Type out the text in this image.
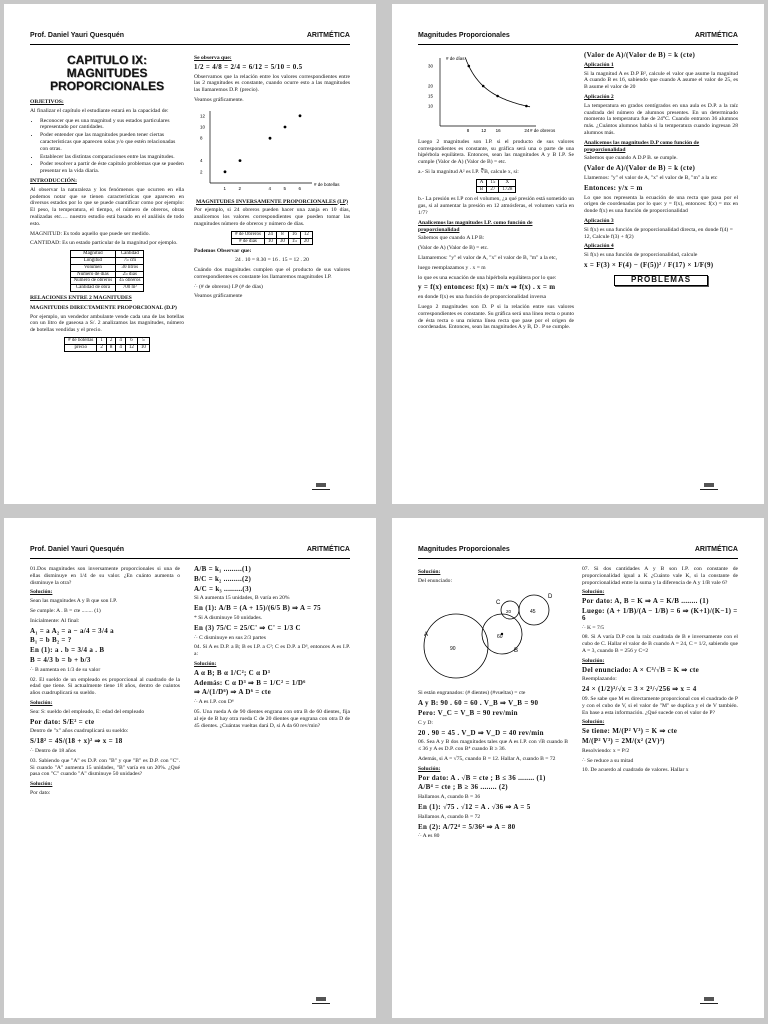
Prof. Daniel Yauri Quesquén	ARITMÉTICA
CAPITULO IX:
MAGNITUDES
PROPORCIONALES

OBJETIVOS:

Al finalizar el capítulo el estudiante estará en la capacidad de:

• Reconocer que es una magnitud y sus estados particulares representado por cantidades.
• Poder entender que las magnitudes pueden tener ciertas características que aparecen solas y/o que estén relacionadas con otras.
• Establecer las distintas comparaciones entre las magnitudes.
• Poder resolver a partir de éste capítulo problemas que se pueden presentar en la vida diaria.

INTRODUCCIÓN:

Al observar la naturaleza y los fenómenos que ocurren en ella podemos notar que se tienen características que aparecen en diversos estados por lo que se puede cuantificar como por ejemplo: El peso, la temperatura, el tiempo, el número de obreros, obras realizadas etc.… nuestro estudio está basado en el análisis de todo esto.

MAGNITUD: Es todo aquello que puede ser medido.

CANTIDAD: Es un estado particular de la magnitud por ejemplo.

Magnitud	Cantidad
Longitud	75 cm
Volumen	30 litros
Número de días	25 días
Número de obreros	45 obreros
Cantidad de obra	700 m²

RELACIONES ENTRE 2 MAGNITUDES

MAGNITUDES DIRECTAMENTE PROPORCIONAL (D.P)

Por ejemplo, un vendedor ambulante vende cada una de las botellas con un litro de gaseosa a S/. 2 analizamos las magnitudes, número de botellas vendidas y el precio.

# de botellas	1	2	4	6	5
precio	2	8	4	12	10

Se observa que:

1/2 = 4/8 = 2/4 = 6/12 = 5/10 = 0.5

Observamos que la relación entre los valores correspondientes entre las 2 magnitudes es constante, cuando ocurre esto a las magnitudes las llamaremos D.P. (precio).

Veamos gráficamente.

12
10
8
4
2
1	2	4	5	6
# de botellas

MAGNITUDES INVERSAMENTE PROPORCIONALES (I.P)

Por ejemplo, si 24 obreros pueden hacer una zanja en 10 días, analicemos los valores correspondientes que pueden tomar las magnitudes número de obreros y número de días.

# de Obreros	24	8	16	12
# de días	10	30	15	20

Podemos Observar que:

24 . 10 = 8.30 = 16 . 15 = 12 . 20

Cuándo dos magnitudes cumplen que el producto de sus valores correspondientes es constante los llamaremos magnitudes I.P.

∴ (# de obreros) I.P (# de días)

Veamos gráficamente

Magnitudes Proporcionales	ARITMÉTICA
# de días
30
20
15
10
8	12 16	24 # de obreros

Luego 2 magnitudes son I.P. si el producto de sus valores correspondientes es constante, su gráfica será una o parte de una hipérbola equilátera. Entonces, sean las magnitudes A y B I.P. Se cumple (Valor de A) (Valor de B) = etc.

a.- Si la magnitud A² es I.P. ∛B, calcule x, si:

A	15	X
B	27	1728

b.- La presión es I.P con el volumen, ¿a qué presión está sometido un gas, si al aumentar la presión en 12 atmósferas, el volumen varía en 1/7?

Analicemos las magnitudes I.P. como función de proporcionalidad

Sabemos que cuando A I.P B:

(Valor de A) (Valor de B) = etc.

Llamaremos: "y" el valor de A, "x" el valor de B, "m" a la etc,

luego reemplazamos y . x = m

lo que es una ecuación de una hipérbola equilátera por lo que:

y = f(x) entonces: f(x) = m/x ⇒ f(x) . x = m

en donde f(x) es una función de proporcionalidad inversa

Luego 2 magnitudes son D. P si la relación entre sus valores correspondientes es constante. Su gráfica será una línea recta o punto de ésta recta o una misma línea recta que pase por el origen de coordenadas. Entonces, sean las magnitudes A y B, D . P se cumple.

(Valor de A)/(Valor de B) = k (cte)

Aplicación 1

Si la magnitud A es D.P B², calcule el valor que asume la magnitud A cuando B es 16, sabiendo que cuando A asume el valor de 25, es B asume el valor de 20

Aplicación 2

La temperatura en grados centígrados en una aula es D.P. a la raíz cuadrada del número de alumnos presentes. En un determinado momento la temperatura fue de 24°C. Cuando entraron 36 alumnos más. ¿Cuántos alumnos había si la temperatura cuando ingresan 28 alumnos más.

Analicemos las magnitudes D.P como función de proporcionalidad

Sabemos que cuando A D.P B. se cumple.

(Valor de A)/(Valor de B) = k (cte)

Llamemos: "y" el valor de A, "x" el valor de B, "m" a la etc

Entonces: y/x = m

Lo que nos representa la ecuación de una recta que pasa por el origen de coordenadas por lo que: y = f(x), entonces: f(x) = mx en donde f(x) es una función de proporcionalidad

Aplicación 3

Si f(x) es una función de proporcionalidad directa, en donde f(4) = 12, Calcule f(3) + f(2)

Aplicación 4

Si f(x) es una función de proporcionalidad, calcule

x = F(3) × F(4) − (F(5))² / F(17) × 1/F(9)

PROBLEMAS
Prof. Daniel Yauri Quesquén	ARITMÉTICA

01.Dos magnitudes son inversamente proporcionales si una de ellas disminuye en 1/4 de su valor. ¿En cuánto aumenta o disminuye la otra?

Solución:

Sean las magnitudes A y B que son I.P.

Se cumple: A . B = cte ........ (1)

Inicialmente: Al final:

A₁ = a A₂ = a − a/4 = 3/4 a

B₁ = b B₂ = ?

En (1): a . b = 3/4 a . B

B = 4/3 b = b + b/3

∴ B aumenta en 1/3 de su valor

02. El sueldo de un empleado es proporcional al cuadrado de la edad que tiene. Si actualmente tiene 18 años, dentro de cuántos años cuadruplicará su sueldo.

Solución:

Sea: S: sueldo del empleado, E: edad del empleado

Por dato: S/E² = cte

Dentro de "x" años cuadruplicará su sueldo:

S/18² = 4S/(18 + x)² ⇒ x = 18

∴ Dentro de 18 años

03. Sabiendo que "A" es D.P. con "B" y que "B" es D.P. con "C". Si cuando "A" aumenta 15 unidades, "B" varía en un 20%. ¿Qué pasa con "C" cuando "A" disminuye 50 unidades?

Solución:

Por dato:

A/B = k₁ .........(1)

B/C = k₂ .........(2)

A/C = k₃ .........(3)

Si A aumenta 15 unidades, B varía en 20%

En (1): A/B = (A + 15)/(6/5 B) ⇒ A = 75

* Si A disminuye 50 unidades.

En (3) 75/C = 25/C' ⇒ C' = 1/3 C

∴ C disminuye en sus 2/3 partes

04. Si A es D.P. a B; B es I.P. a C²; C es D.P. a D³, entonces A es I.P. a:

Solución:

A α B; B α 1/C²; C α D³

Además: C α D³ ⇒ B = 1/C² = 1/D⁶

⇒ A/(1/D⁶) ⇒ A D⁶ = cte

∴ A es I.P. con D⁶

05. Una rueda A de 90 dientes engrana con otra B de 60 dientes, fija al eje de B hay otra rueda C de 20 dientes que engrana con otra D de 45 dientes. ¿Cuántas vueltas dará D, si A da 60 rev/min?

Magnitudes Proporcionales	ARITMÉTICA

Solución:

Del enunciado:

A
B
C
D
90
60
20	45

Si están engranados: (# dientes) (#vueltas) = cte

A y B: 90 . 60 = 60 . V_B ⇒ V_B = 90

Pero: V_C = V_B = 90 rev/min

C y D:

20 . 90 = 45 . V_D ⇒ V_D = 40 rev/min

06. Sea A y B dos magnitudes tales que A es I.P. con √B cuando B ≤ 36 y A es D.P. con B⁴ cuando B ≥ 36.

Además, si A = √75, cuando B = 12. Hallar A, cuando B = 72

Solución:

Por dato: A . √B = cte ; B ≤ 36 ........ (1)

A/B⁴ = cte ; B ≥ 36 ........ (2)

Hallamos A, cuando B = 36

En (1): √75 . √12 = A . √36 ⇒ A = 5

Hallamos A, cuando B = 72

En (2): A/72⁴ = 5/36⁴ ⇒ A = 80

∴ A es 80

07. Si dos cantidades A y B son I.P. con constante de proporcionalidad igual a K ¿Cuánto vale K, si la constante de proporcionalidad entre la suma y la diferencia de A y 1/B vale 6?

Solución:

Por dato: A, B = K ⇒ A = K/B ........ (1)

Luego: (A + 1/B)/(A − 1/B) = 6 ⇒ (K+1)/(K−1) = 6

∴ K = 7/5

08. Si A varía D.P con la raíz cuadrada de B e inversamente con el cubo de C. Hallar el valor de B cuando A = 24, C = 1/2, sabiendo que A = 3, cuando B = 256 y C=2

Solución:

Del enunciado: A × C³/√B = K ⇒ cte

Reemplazando:

24 × (1/2)³/√x = 3 × 2³/√256 ⇒ x = 4

09. Se sabe que M es directamente proporcional con el cuadrado de P y con el cubo de V, si el valor de "M" se duplica y el de V también. En base a esta información. ¿Qué sucede con el valor de P?

Solución:

Se tiene: M/(P² V³) = K ⇒ cte

M/(P² V³) = 2M/(x² (2V)³)

Resolviendo: x = P/2

∴ Se reduce a su mitad

10. De acuerdo al cuadrado de valores. Hallar x
